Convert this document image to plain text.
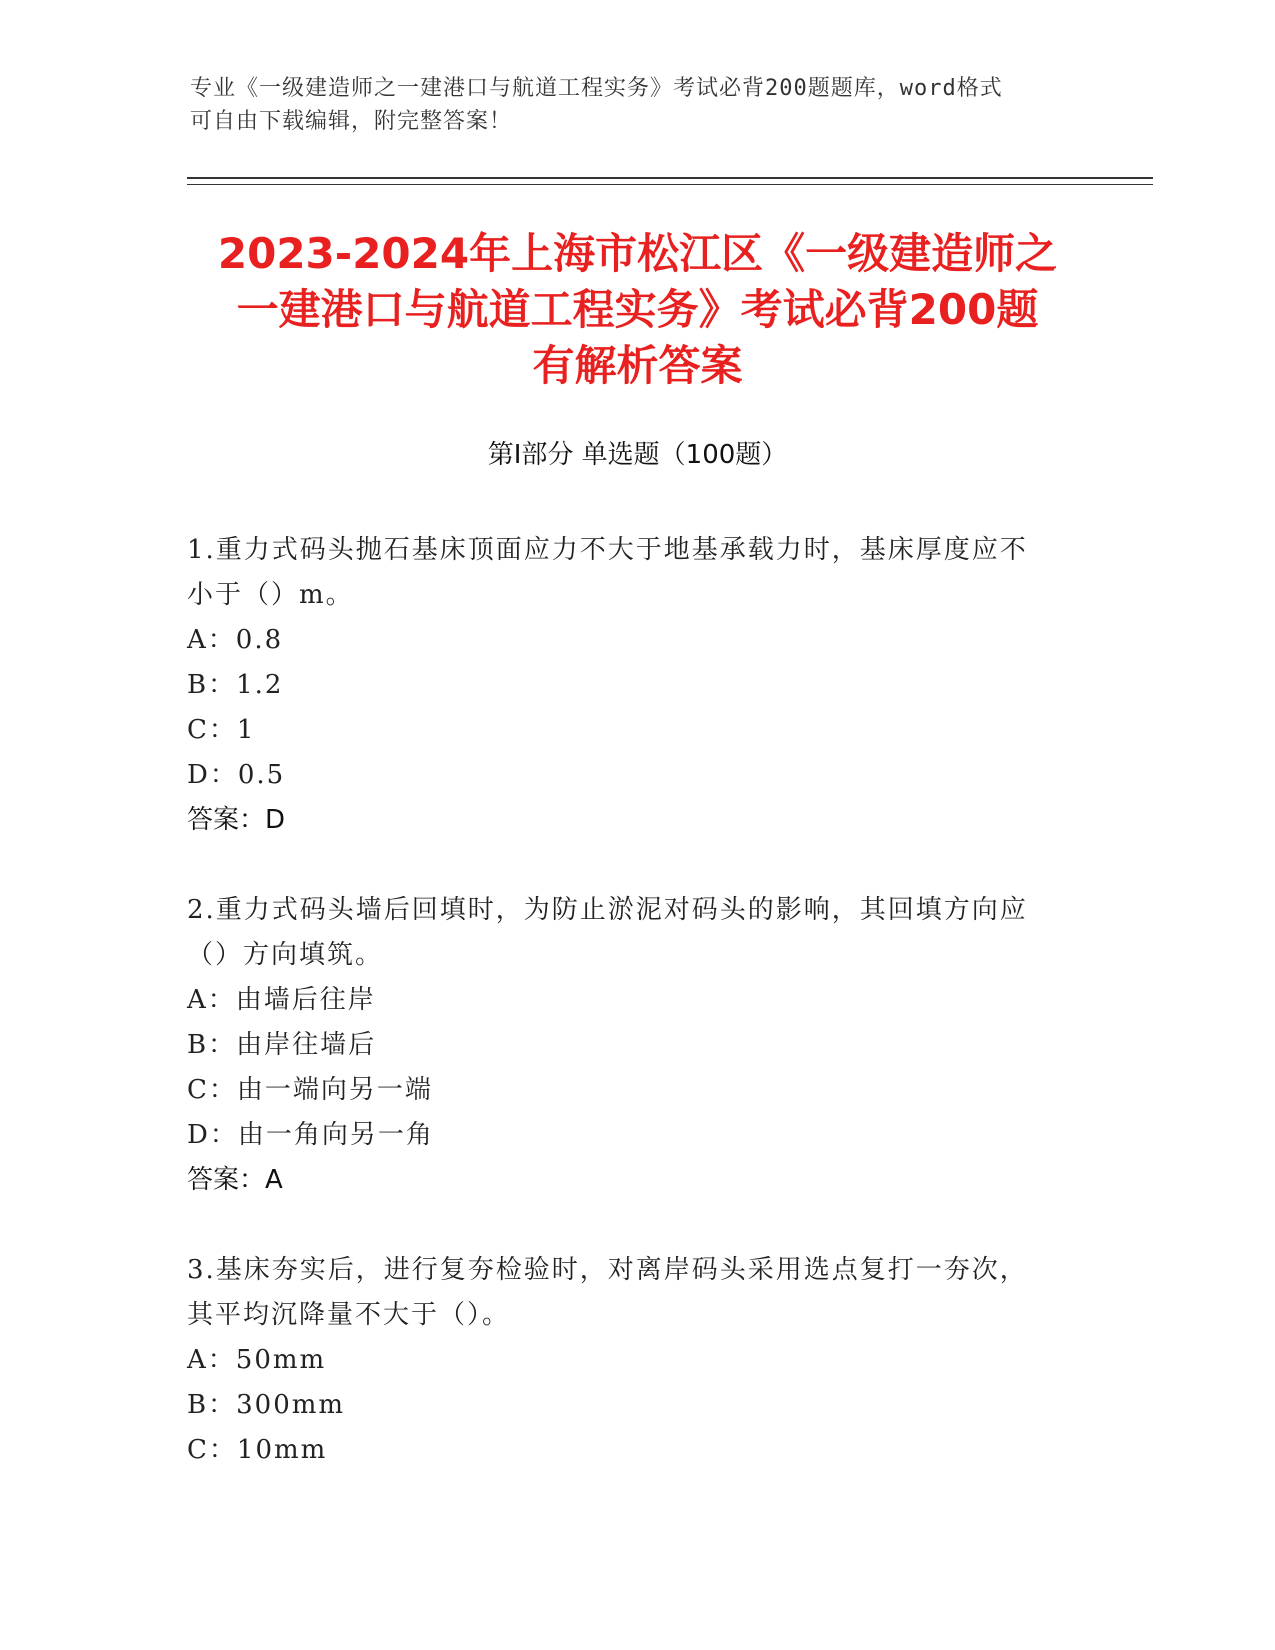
专业《一级建造师之一建港口与航道工程实务》考试必背200题题库，word格式
可自由下载编辑，附完整答案！
2023-2024年上海市松江区《一级建造师之
一建港口与航道工程实务》考试必背200题
有解析答案
第Ⅰ部分 单选题（100题）

1.重力式码头抛石基床顶面应力不大于地基承载力时，基床厚度应不

小于（）m。

A：0.8

B：1.2

C：1

D：0.5

答案：D

2.重力式码头墙后回填时，为防止淤泥对码头的影响，其回填方向应

（）方向填筑。

A：由墙后往岸

B：由岸往墙后

C：由一端向另一端

D：由一角向另一角

答案：A

3.基床夯实后，进行复夯检验时，对离岸码头采用选点复打一夯次，

其平均沉降量不大于（）。

A：50mm

B：300mm

C：10mm
